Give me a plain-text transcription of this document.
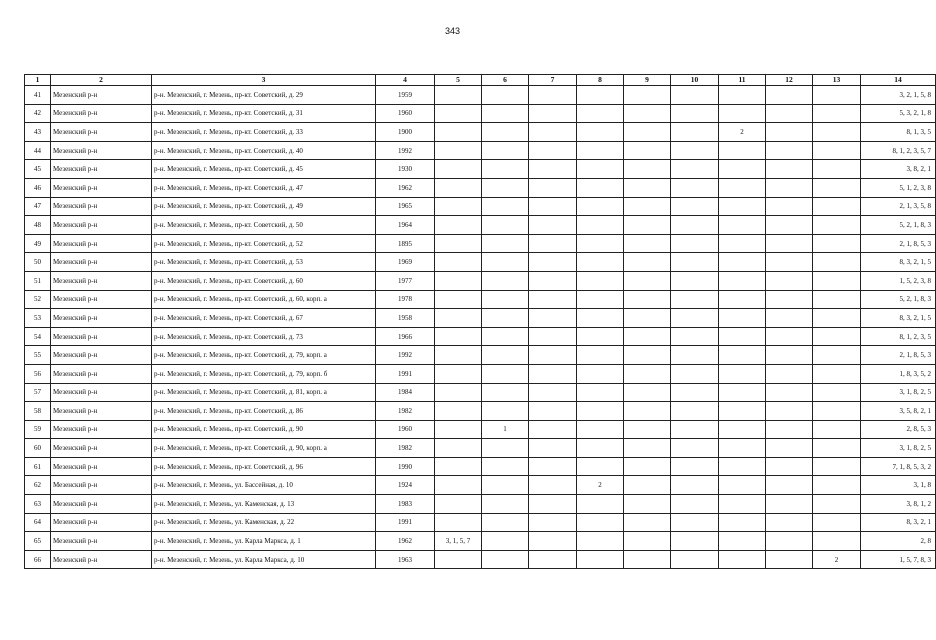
343
1	2	3	4	5	6	7	8	9	10	11	12	13	14
41	Мезенский р-н	р-н. Мезенский, г. Мезень, пр-кт. Советский, д. 29	1959										3, 2, 1, 5, 8
42	Мезенский р-н	р-н. Мезенский, г. Мезень, пр-кт. Советский, д. 31	1960										5, 3, 2, 1, 8
43	Мезенский р-н	р-н. Мезенский, г. Мезень, пр-кт. Советский, д. 33	1900							2			8, 1, 3, 5
44	Мезенский р-н	р-н. Мезенский, г. Мезень, пр-кт. Советский, д. 40	1992										8, 1, 2, 3, 5, 7
45	Мезенский р-н	р-н. Мезенский, г. Мезень, пр-кт. Советский, д. 45	1930										3, 8, 2, 1
46	Мезенский р-н	р-н. Мезенский, г. Мезень, пр-кт. Советский, д. 47	1962										5, 1, 2, 3, 8
47	Мезенский р-н	р-н. Мезенский, г. Мезень, пр-кт. Советский, д. 49	1965										2, 1, 3, 5, 8
48	Мезенский р-н	р-н. Мезенский, г. Мезень, пр-кт. Советский, д. 50	1964										5, 2, 1, 8, 3
49	Мезенский р-н	р-н. Мезенский, г. Мезень, пр-кт. Советский, д. 52	1895										2, 1, 8, 5, 3
50	Мезенский р-н	р-н. Мезенский, г. Мезень, пр-кт. Советский, д. 53	1969										8, 3, 2, 1, 5
51	Мезенский р-н	р-н. Мезенский, г. Мезень, пр-кт. Советский, д. 60	1977										1, 5, 2, 3, 8
52	Мезенский р-н	р-н. Мезенский, г. Мезень, пр-кт. Советский, д. 60, корп. а	1978										5, 2, 1, 8, 3
53	Мезенский р-н	р-н. Мезенский, г. Мезень, пр-кт. Советский, д. 67	1958										8, 3, 2, 1, 5
54	Мезенский р-н	р-н. Мезенский, г. Мезень, пр-кт. Советский, д. 73	1966										8, 1, 2, 3, 5
55	Мезенский р-н	р-н. Мезенский, г. Мезень, пр-кт. Советский, д. 79, корп. а	1992										2, 1, 8, 5, 3
56	Мезенский р-н	р-н. Мезенский, г. Мезень, пр-кт. Советский, д. 79, корп. б	1991										1, 8, 3, 5, 2
57	Мезенский р-н	р-н. Мезенский, г. Мезень, пр-кт. Советский, д. 81, корп. а	1984										3, 1, 8, 2, 5
58	Мезенский р-н	р-н. Мезенский, г. Мезень, пр-кт. Советский, д. 86	1982										3, 5, 8, 2, 1
59	Мезенский р-н	р-н. Мезенский, г. Мезень, пр-кт. Советский, д. 90	1960		1								2, 8, 5, 3
60	Мезенский р-н	р-н. Мезенский, г. Мезень, пр-кт. Советский, д. 90, корп. а	1982										3, 1, 8, 2, 5
61	Мезенский р-н	р-н. Мезенский, г. Мезень, пр-кт. Советский, д. 96	1990										7, 1, 8, 5, 3, 2
62	Мезенский р-н	р-н. Мезенский, г. Мезень, ул. Бассейная, д. 10	1924				2						3, 1, 8
63	Мезенский р-н	р-н. Мезенский, г. Мезень, ул. Каменская, д. 13	1983										3, 8, 1, 2
64	Мезенский р-н	р-н. Мезенский, г. Мезень, ул. Каменская, д. 22	1991										8, 3, 2, 1
65	Мезенский р-н	р-н. Мезенский, г. Мезень, ул. Карла Маркса, д. 1	1962	3, 1, 5, 7									2, 8
66	Мезенский р-н	р-н. Мезенский, г. Мезень, ул. Карла Маркса, д. 10	1963									2	1, 5, 7, 8, 3
